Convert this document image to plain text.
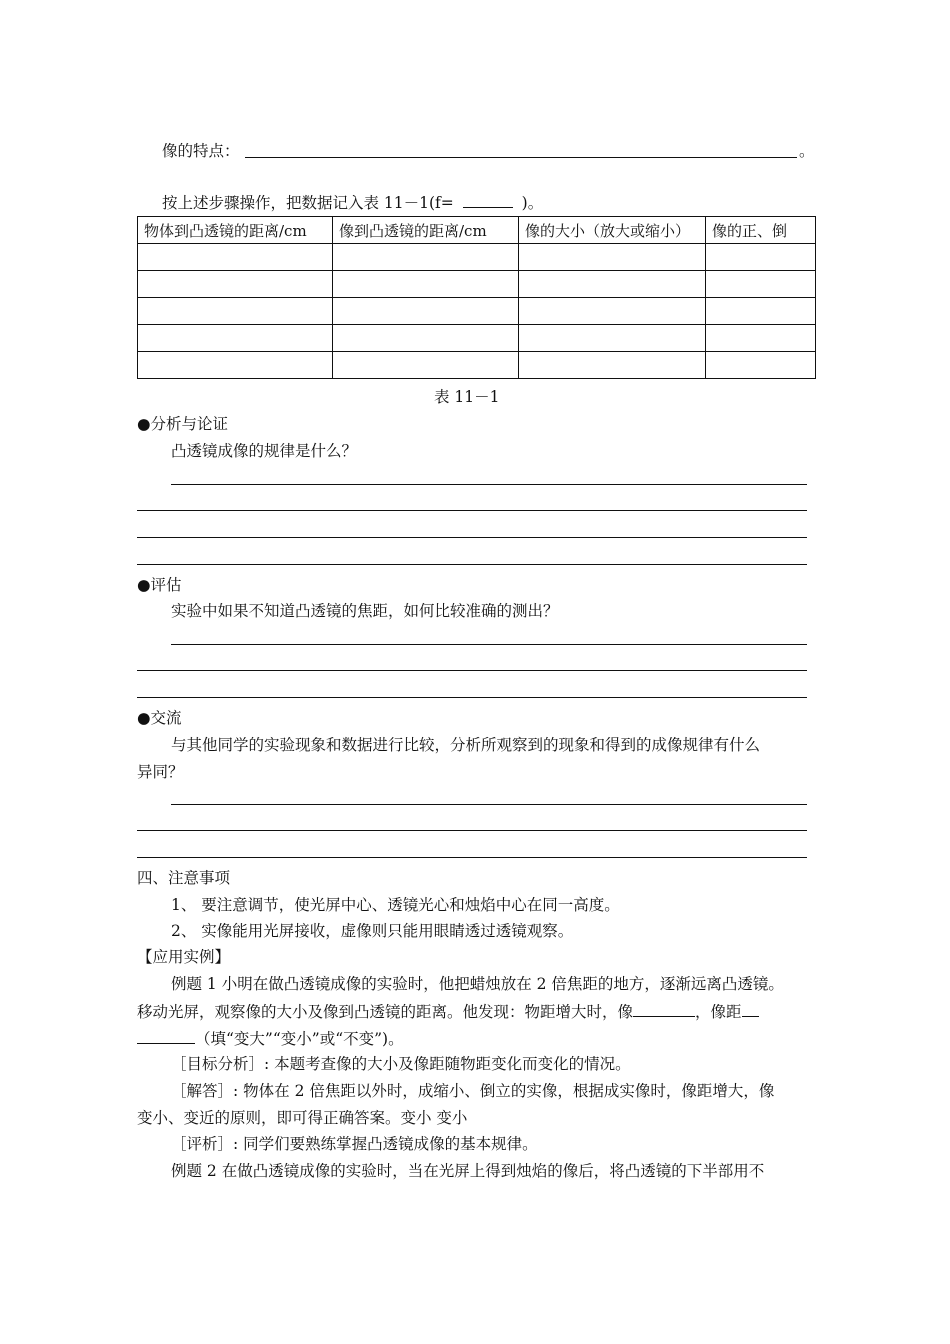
像的特点：	。
按上述步骤操作，把数据记入表 11－1(f=	)。
物体到凸透镜的距离/cm	像到凸透镜的距离/cm	像的大小（放大或缩小）	像的正、倒

表 11－1
●分析与论证
凸透镜成像的规律是什么？
●评估
实验中如果不知道凸透镜的焦距，如何比较准确的测出？
●交流
与其他同学的实验现象和数据进行比较，分析所观察到的现象和得到的成像规律有什么
异同？
四、注意事项
1、 要注意调节，使光屏中心、透镜光心和烛焰中心在同一高度。
2、 实像能用光屏接收，虚像则只能用眼睛透过透镜观察。
【应用实例】
例题 1 小明在做凸透镜成像的实验时，他把蜡烛放在 2 倍焦距的地方，逐渐远离凸透镜。
移动光屏，观察像的大小及像到凸透镜的距离。他发现：物距增大时，像	，像距
（填“变大”“变小”或“不变”)。
［目标分析］: 本题考查像的大小及像距随物距变化而变化的情况。
［解答］: 物体在 2 倍焦距以外时，成缩小、倒立的实像，根据成实像时，像距增大，像
变小、变近的原则，即可得正确答案。变小 变小
［评析］: 同学们要熟练掌握凸透镜成像的基本规律。
例题 2 在做凸透镜成像的实验时，当在光屏上得到烛焰的像后，将凸透镜的下半部用不
